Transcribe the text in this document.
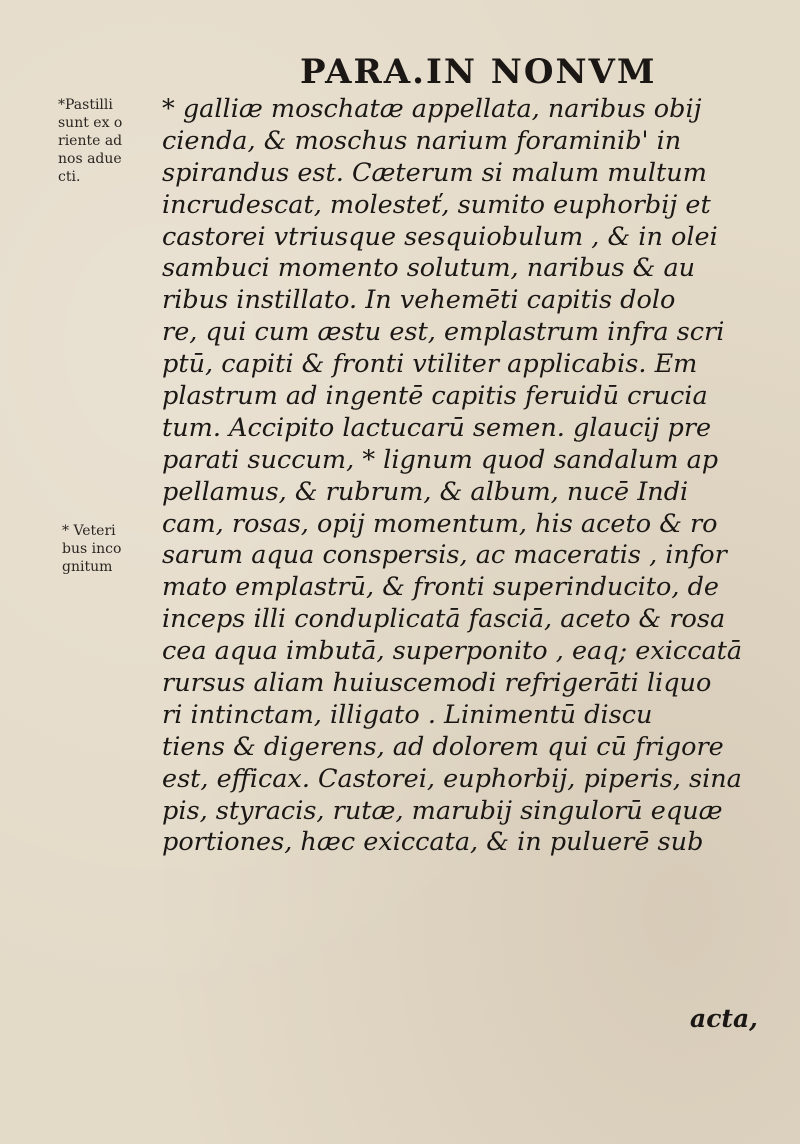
PARA.IN NONVM
*Pastilli
sunt ex o
riente ad
nos adue
cti.
* Veteri
bus inco
gnitum
* galliæ moschatæ appellata, naribus obij
cienda, & moschus narium foraminib' in
spirandus est. Cæterum si malum multum
incrudescat, molesteť, sumito euphorbij et
castorei vtriusque sesquiobulum , & in olei
sambuci momento solutum, naribus & au
ribus instillato. In vehemēti capitis dolo
re, qui cum æstu est, emplastrum infra scri
ptū, capiti & fronti vtiliter applicabis. Em
plastrum ad ingentē capitis feruidū crucia
tum. Accipito lactucarū semen. glaucij pre
parati succum, * lignum quod sandalum ap
pellamus, & rubrum, & album, nucē Indi
cam, rosas, opij momentum, his aceto & ro
sarum aqua conspersis, ac maceratis , infor
mato emplastrū, & fronti superinducito, de
inceps illi conduplicatā fasciā, aceto & rosa
cea aqua imbutā, superponito , eaq; exiccatā
rursus aliam huiuscemodi refrigerāti liquo
ri intinctam, illigato . Linimentū discu
tiens & digerens, ad dolorem qui cū frigore
est, efficax. Castorei, euphorbij, piperis, sina
pis, styracis, rutæ, marubij singulorū equæ
portiones, hæc exiccata, & in puluerē sub
acta,
